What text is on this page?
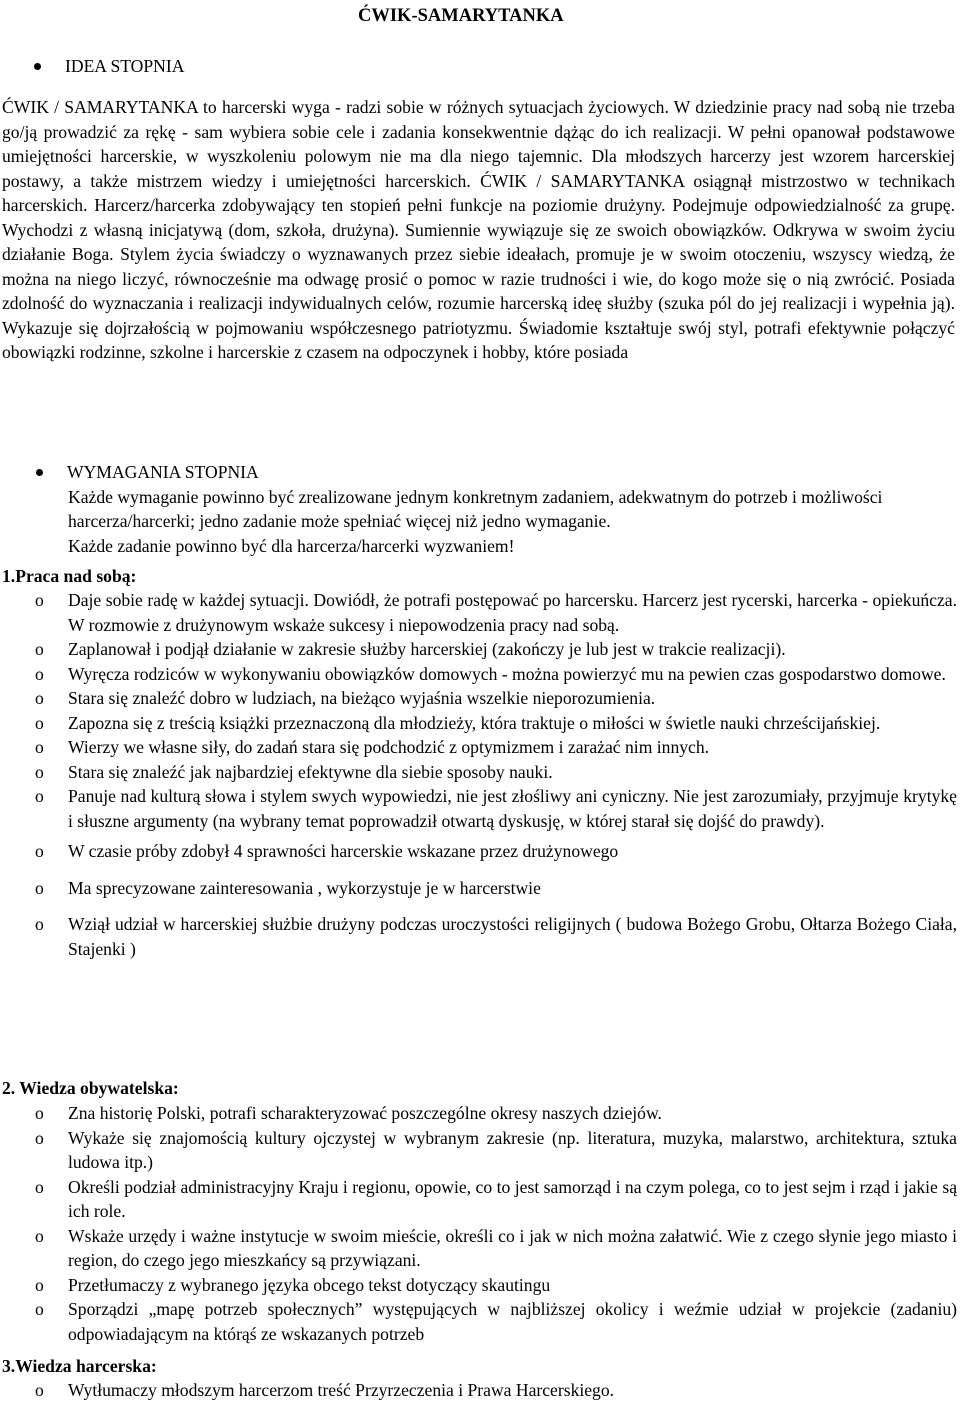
ĆWIK-SAMARYTANKA
IDEA STOPNIA

ĆWIK / SAMARYTANKA to harcerski wyga - radzi sobie w różnych sytuacjach życiowych. W dziedzinie pracy nad sobą nie trzeba go/ją prowadzić za rękę - sam wybiera sobie cele i zadania konsekwentnie dążąc do ich realizacji. W pełni opanował podstawowe umiejętności harcerskie, w wyszkoleniu polowym nie ma dla niego tajemnic. Dla młodszych harcerzy jest wzorem harcerskiej postawy, a także mistrzem wiedzy i umiejętności harcerskich. ĆWIK / SAMARYTANKA osiągnął mistrzostwo w technikach harcerskich. Harcerz/harcerka zdobywający ten stopień pełni funkcje na poziomie drużyny. Podejmuje odpowiedzialność za grupę. Wychodzi z własną inicjatywą (dom, szkoła, drużyna). Sumiennie wywiązuje się ze swoich obowiązków. Odkrywa w swoim życiu działanie Boga. Stylem życia świadczy o wyznawanych przez siebie ideałach, promuje je w swoim otoczeniu, wszyscy wiedzą, że można na niego liczyć, równocześnie ma odwagę prosić o pomoc w razie trudności i wie, do kogo może się o nią zwrócić. Posiada zdolność do wyznaczania i realizacji indywidualnych celów, rozumie harcerską ideę służby (szuka pól do jej realizacji i wypełnia ją). Wykazuje się dojrzałością w pojmowaniu współczesnego patriotyzmu. Świadomie kształtuje swój styl, potrafi efektywnie połączyć obowiązki rodzinne, szkolne i harcerskie z czasem na odpoczynek i hobby, które posiada

WYMAGANIA STOPNIA
Każde wymaganie powinno być zrealizowane jednym konkretnym zadaniem, adekwatnym do potrzeb i możliwości harcerza/harcerki; jedno zadanie może spełniać więcej niż jedno wymaganie.
Każde zadanie powinno być dla harcerza/harcerki wyzwaniem!
1.Praca nad sobą:
o Daje sobie radę w każdej sytuacji. Dowiódł, że potrafi postępować po harcersku. Harcerz jest rycerski, harcerka - opiekuńcza. W rozmowie z drużynowym wskaże sukcesy i niepowodzenia pracy nad sobą.
o Zaplanował i podjął działanie w zakresie służby harcerskiej (zakończy je lub jest w trakcie realizacji).
o Wyręcza rodziców w wykonywaniu obowiązków domowych - można powierzyć mu na pewien czas gospodarstwo domowe.
o Stara się znaleźć dobro w ludziach, na bieżąco wyjaśnia wszelkie nieporozumienia.
o Zapozna się z treścią książki przeznaczoną dla młodzieży, która traktuje o miłości w świetle nauki chrześcijańskiej.
o Wierzy we własne siły, do zadań stara się podchodzić z optymizmem i zarażać nim innych.
o Stara się znaleźć jak najbardziej efektywne dla siebie sposoby nauki.
o Panuje nad kulturą słowa i stylem swych wypowiedzi, nie jest złośliwy ani cyniczny. Nie jest zarozumiały, przyjmuje krytykę i słuszne argumenty (na wybrany temat poprowadził otwartą dyskusję, w której starał się dojść do prawdy).
o W czasie próby zdobył 4 sprawności harcerskie wskazane przez drużynowego
o Ma sprecyzowane zainteresowania , wykorzystuje je w harcerstwie
o Wziął udział w harcerskiej służbie drużyny podczas uroczystości religijnych ( budowa Bożego Grobu, Ołtarza Bożego Ciała, Stajenki )
2. Wiedza obywatelska:
o Zna historię Polski, potrafi scharakteryzować poszczególne okresy naszych dziejów.
o Wykaże się znajomością kultury ojczystej w wybranym zakresie (np. literatura, muzyka, malarstwo, architektura, sztuka ludowa itp.)
o Określi podział administracyjny Kraju i regionu, opowie, co to jest samorząd i na czym polega, co to jest sejm i rząd i jakie są ich role.
o Wskaże urzędy i ważne instytucje w swoim mieście, określi co i jak w nich można załatwić. Wie z czego słynie jego miasto i region, do czego jego mieszkańcy są przywiązani.
o Przetłumaczy z wybranego języka obcego tekst dotyczący skautingu
o Sporządzi „mapę potrzeb społecznych” występujących w najbliższej okolicy i weźmie udział w projekcie (zadaniu) odpowiadającym na którąś ze wskazanych potrzeb
3.Wiedza harcerska:
o Wytłumaczy młodszym harcerzom treść Przyrzeczenia i Prawa Harcerskiego.
